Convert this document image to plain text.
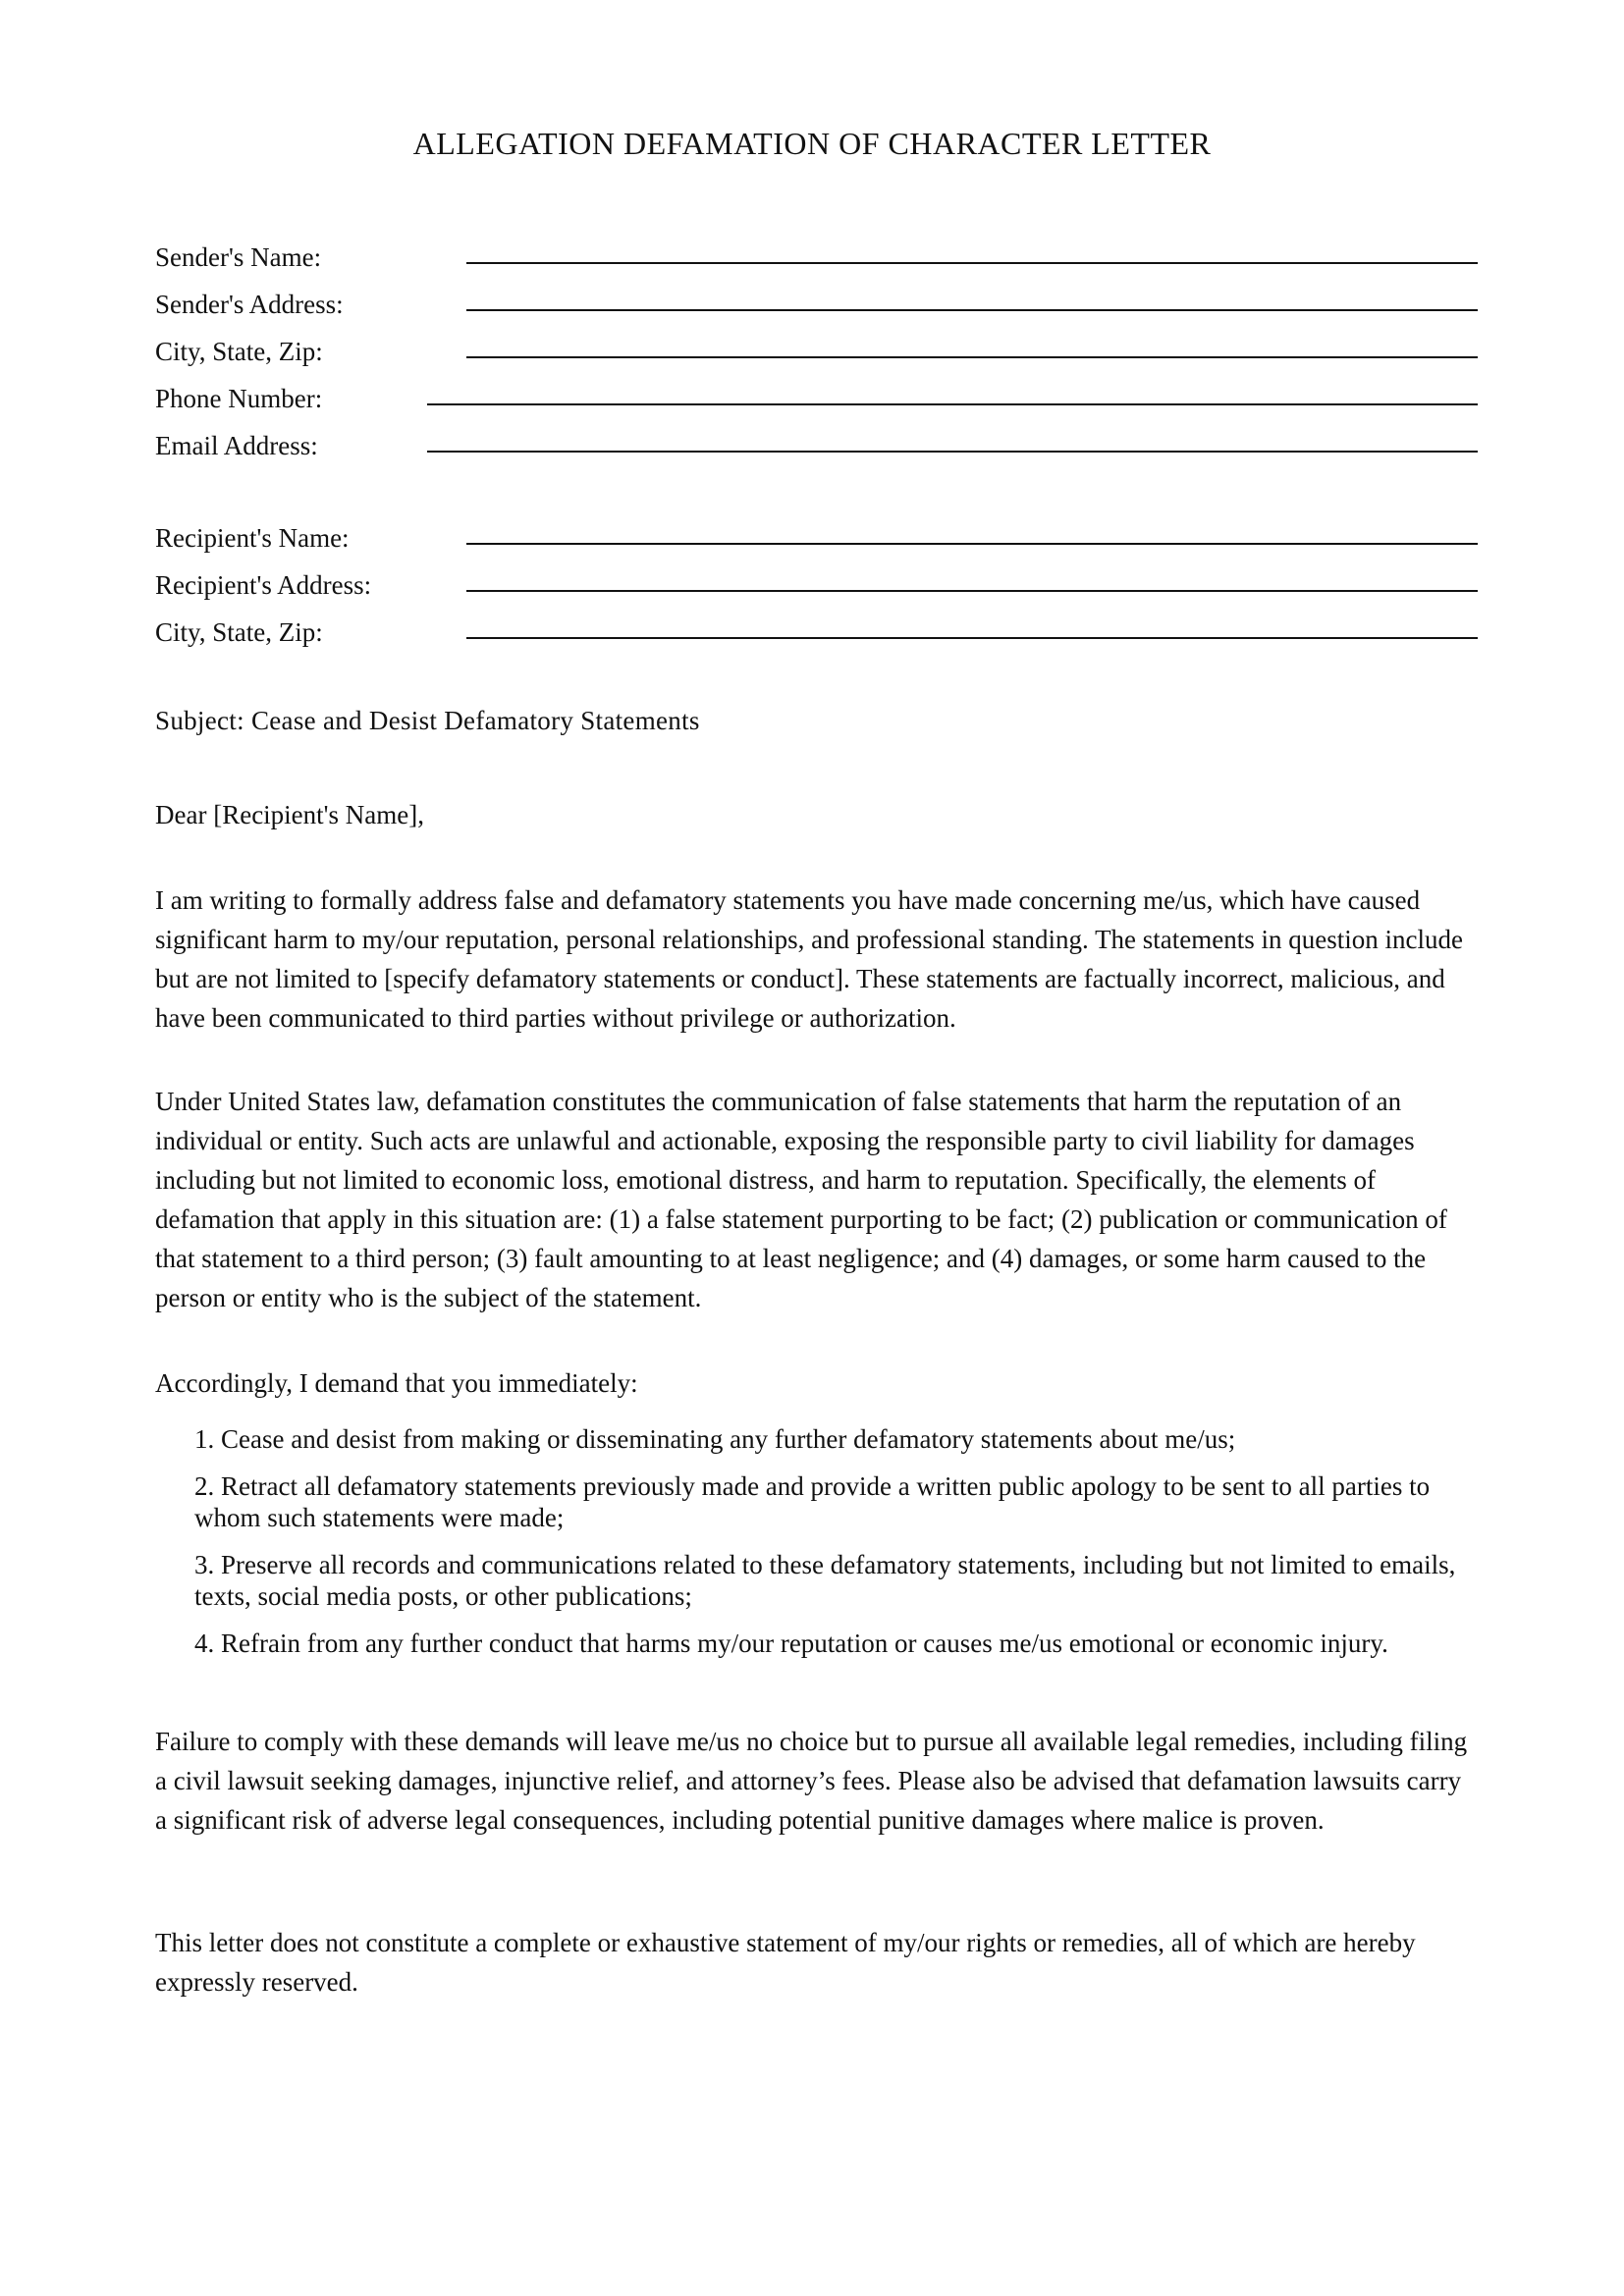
ALLEGATION DEFAMATION OF CHARACTER LETTER
Sender's Name:
Sender's Address:
City, State, Zip:
Phone Number:
Email Address:
Recipient's Name:
Recipient's Address:
City, State, Zip:
Subject: Cease and Desist Defamatory Statements
Dear [Recipient's Name],

I am writing to formally address false and defamatory statements you have made concerning me/us, which have caused significant harm to my/our reputation, personal relationships, and professional standing. The statements in question include but are not limited to [specify defamatory statements or conduct]. These statements are factually incorrect, malicious, and have been communicated to third parties without privilege or authorization.

Under United States law, defamation constitutes the communication of false statements that harm the reputation of an individual or entity. Such acts are unlawful and actionable, exposing the responsible party to civil liability for damages including but not limited to economic loss, emotional distress, and harm to reputation. Specifically, the elements of defamation that apply in this situation are: (1) a false statement purporting to be fact; (2) publication or communication of that statement to a third person; (3) fault amounting to at least negligence; and (4) damages, or some harm caused to the person or entity who is the subject of the statement.

Accordingly, I demand that you immediately:

1. Cease and desist from making or disseminating any further defamatory statements about me/us;
2. Retract all defamatory statements previously made and provide a written public apology to be sent to all parties to whom such statements were made;
3. Preserve all records and communications related to these defamatory statements, including but not limited to emails, texts, social media posts, or other publications;
4. Refrain from any further conduct that harms my/our reputation or causes me/us emotional or economic injury.

Failure to comply with these demands will leave me/us no choice but to pursue all available legal remedies, including filing a civil lawsuit seeking damages, injunctive relief, and attorney’s fees. Please also be advised that defamation lawsuits carry a significant risk of adverse legal consequences, including potential punitive damages where malice is proven.

This letter does not constitute a complete or exhaustive statement of my/our rights or remedies, all of which are hereby expressly reserved.
